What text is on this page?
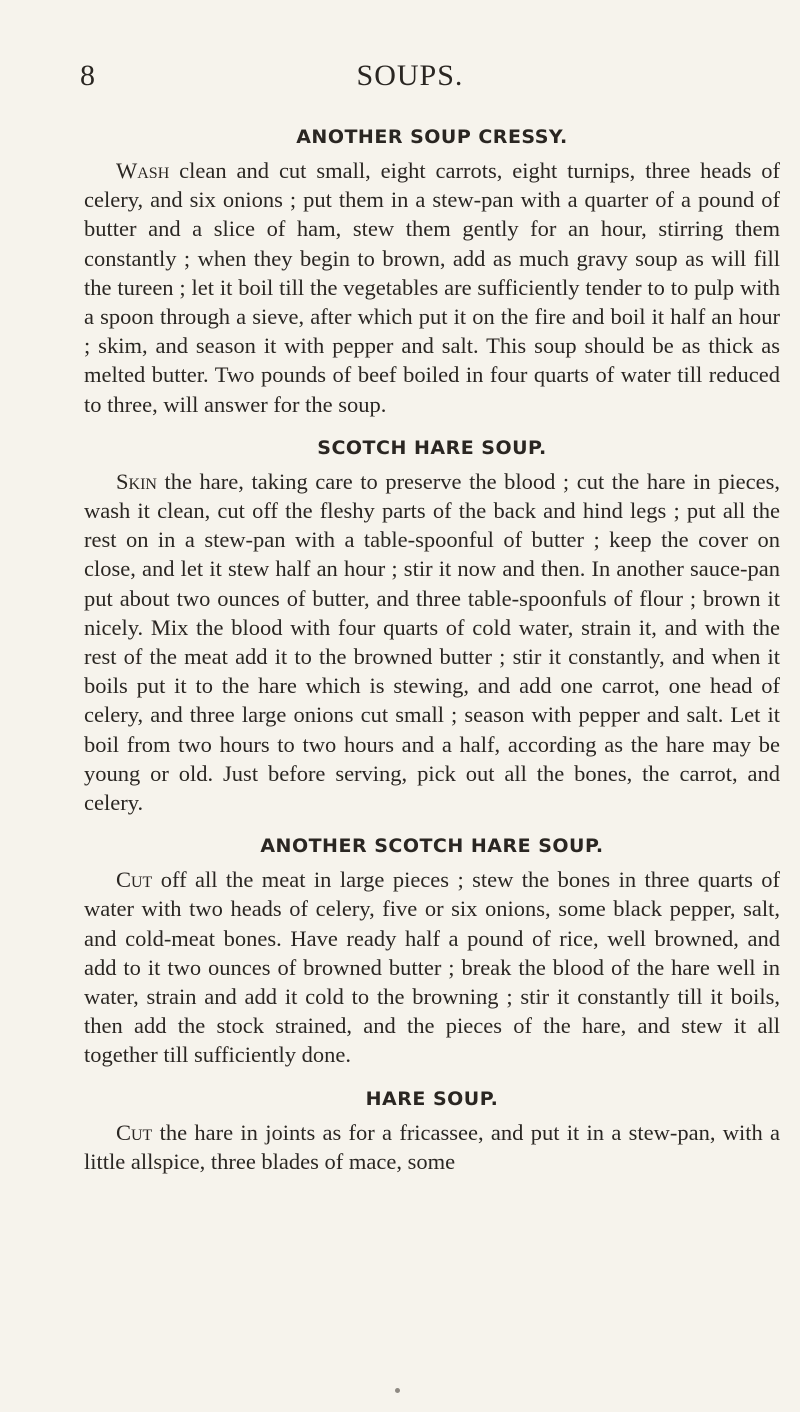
8	SOUPS.
ANOTHER SOUP CRESSY.

Wash clean and cut small, eight carrots, eight turnips, three heads of celery, and six onions ; put them in a stew-pan with a quarter of a pound of butter and a slice of ham, stew them gently for an hour, stirring them constantly ; when they begin to brown, add as much gravy soup as will fill the tureen ; let it boil till the vegetables are sufficiently tender to to pulp with a spoon through a sieve, after which put it on the fire and boil it half an hour ; skim, and season it with pepper and salt. This soup should be as thick as melted butter. Two pounds of beef boiled in four quarts of water till reduced to three, will answer for the soup.

SCOTCH HARE SOUP.

Skin the hare, taking care to preserve the blood ; cut the hare in pieces, wash it clean, cut off the fleshy parts of the back and hind legs ; put all the rest on in a stew-pan with a table-spoonful of butter ; keep the cover on close, and let it stew half an hour ; stir it now and then. In another sauce-pan put about two ounces of butter, and three table-spoonfuls of flour ; brown it nicely. Mix the blood with four quarts of cold water, strain it, and with the rest of the meat add it to the browned butter ; stir it constantly, and when it boils put it to the hare which is stewing, and add one carrot, one head of celery, and three large onions cut small ; season with pepper and salt. Let it boil from two hours to two hours and a half, according as the hare may be young or old. Just before serving, pick out all the bones, the carrot, and celery.

ANOTHER SCOTCH HARE SOUP.

Cut off all the meat in large pieces ; stew the bones in three quarts of water with two heads of celery, five or six onions, some black pepper, salt, and cold-meat bones. Have ready half a pound of rice, well browned, and add to it two ounces of browned butter ; break the blood of the hare well in water, strain and add it cold to the browning ; stir it constantly till it boils, then add the stock strained, and the pieces of the hare, and stew it all together till sufficiently done.

HARE SOUP.

Cut the hare in joints as for a fricassee, and put it in a stew-pan, with a little allspice, three blades of mace, some
